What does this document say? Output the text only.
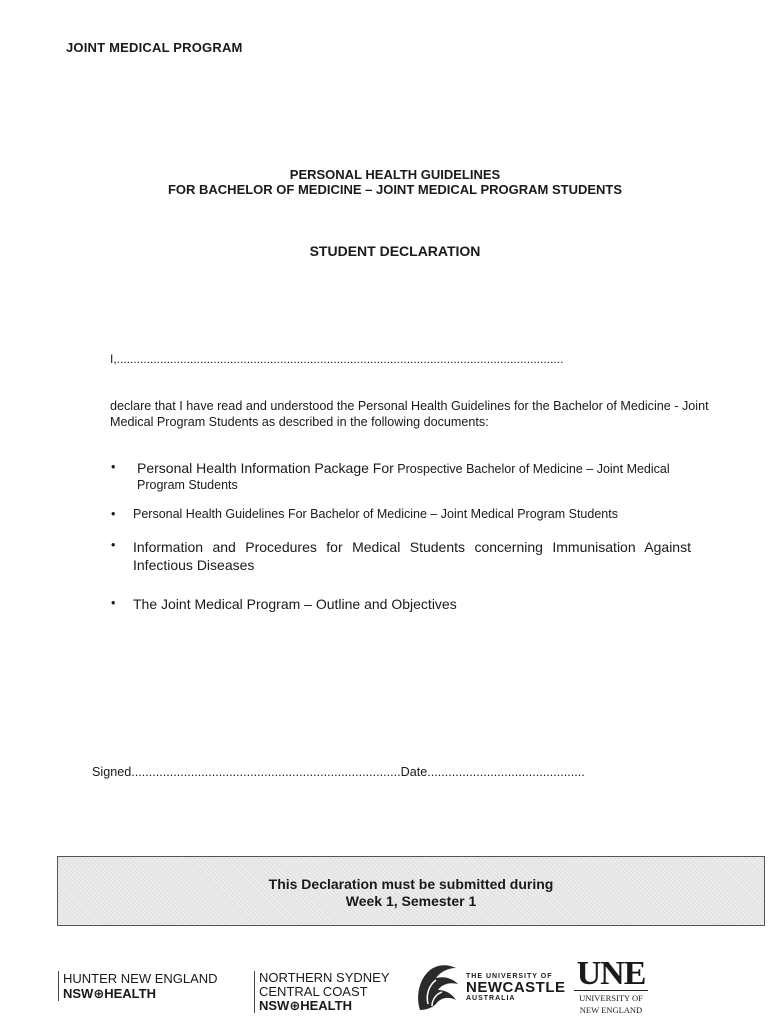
JOINT MEDICAL PROGRAM
PERSONAL HEALTH GUIDELINES
FOR BACHELOR OF MEDICINE – JOINT MEDICAL PROGRAM STUDENTS
STUDENT DECLARATION
I,......................................................................................................................................
declare that I have read and understood the Personal Health Guidelines for the Bachelor of Medicine - Joint Medical Program Students as described in the following documents:
• Personal Health Information Package For Prospective Bachelor of Medicine – Joint Medical Program Students
• Personal Health Guidelines For Bachelor of Medicine – Joint Medical Program Students
• Information and Procedures for Medical Students concerning Immunisation Against Infectious Diseases
• The Joint Medical Program – Outline and Objectives
Signed.............................................................................Date.............................................
This Declaration must be submitted during
Week 1, Semester 1
HUNTER NEW ENGLAND
NSW⊕HEALTH
NORTHERN SYDNEY
CENTRAL COAST
NSW⊕HEALTH
THE UNIVERSITY OF
NEWCASTLE
AUSTRALIA
UNE
UNIVERSITY OF
NEW ENGLAND
